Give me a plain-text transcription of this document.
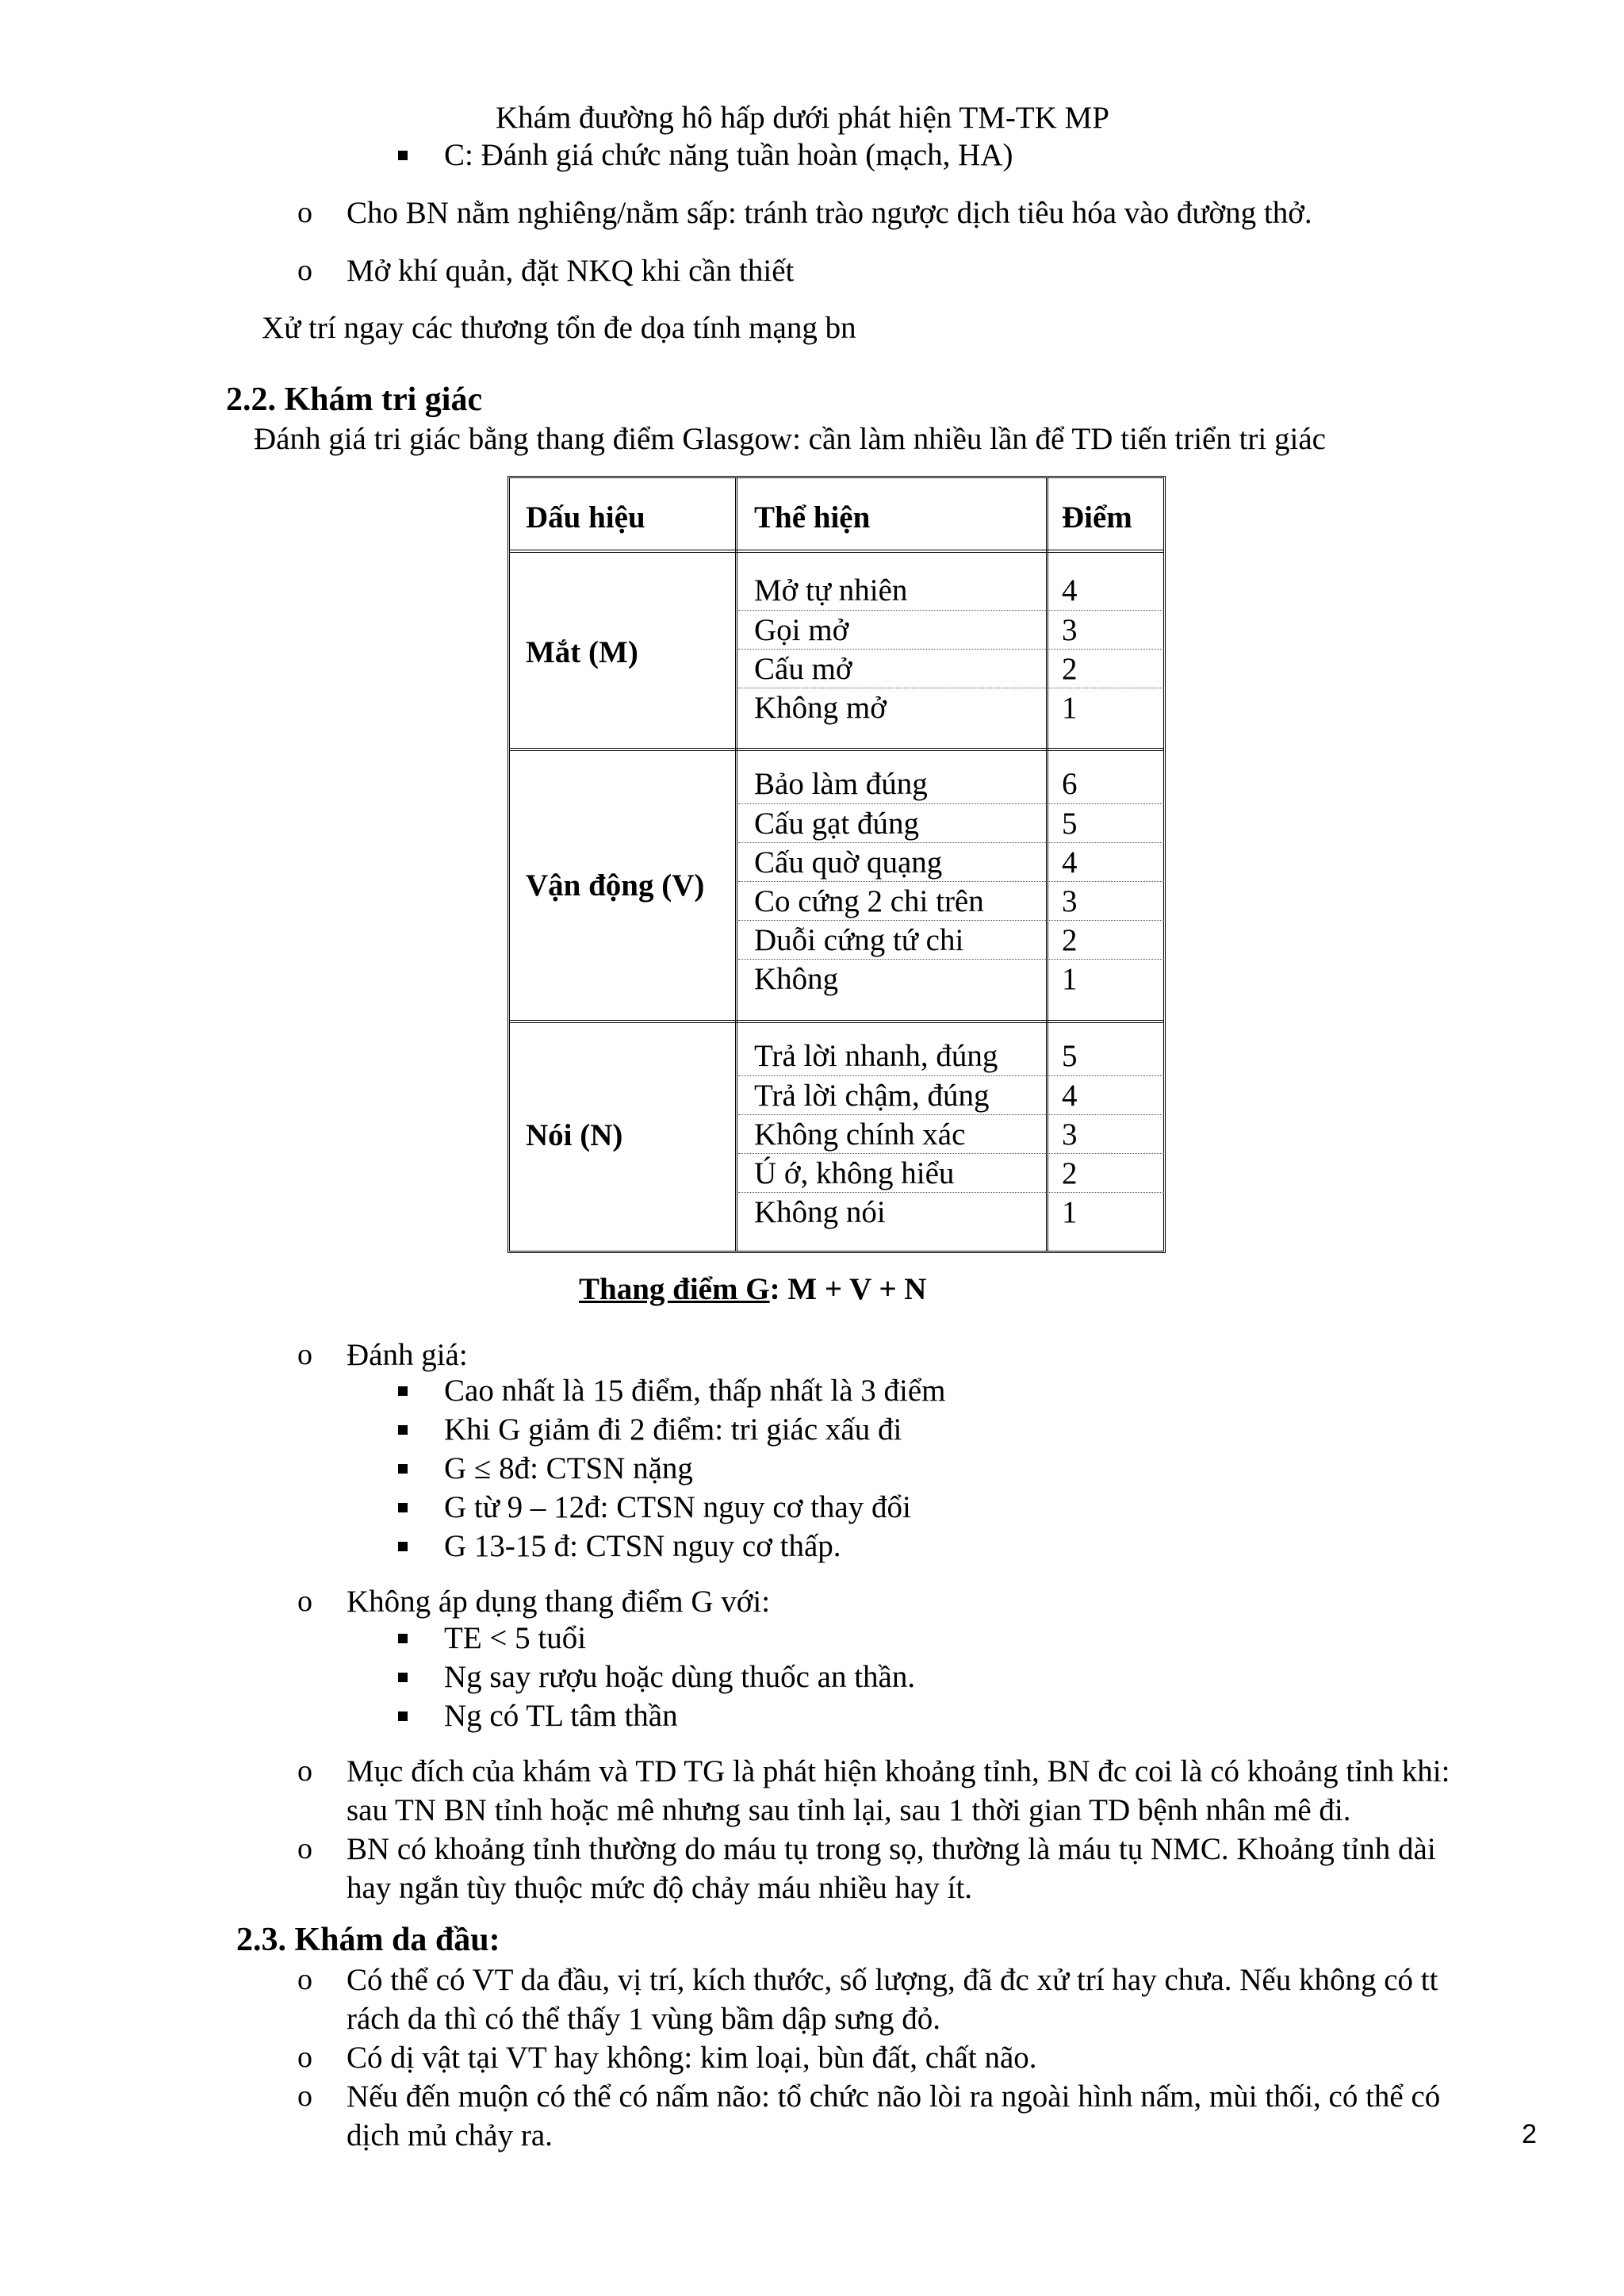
Khám đuường hô hấp dưới phát hiện TM-TK MP
C: Đánh giá chức năng tuần hoàn (mạch, HA)
o Cho BN nằm nghiêng/nằm sấp: tránh trào ngược dịch tiêu hóa vào đường thở.
o Mở khí quản, đặt NKQ khi cần thiết
Xử trí ngay các thương tổn đe dọa tính mạng bn
2.2. Khám tri giác
Đánh giá tri giác bằng thang điểm Glasgow: cần làm nhiều lần để TD tiến triển tri giác
Dấu hiệu	Thể hiện	Điểm
Mắt (M)
Mở tự nhiên	4
Gọi mở	3
Cấu mở	2
Không mở	1
Vận động (V)
Bảo làm đúng	6
Cấu gạt đúng	5
Cấu quờ quạng	4
Co cứng 2 chi trên	3
Duỗi cứng tứ chi	2
Không	1
Nói (N)
Trả lời nhanh, đúng 5
Trả lời chậm, đúng 4
Không chính xác	3
Ú ớ, không hiểu	2
Không nói	1
Thang điểm G: M + V + N
o Đánh giá:
Cao nhất là 15 điểm, thấp nhất là 3 điểm
Khi G giảm đi 2 điểm: tri giác xấu đi
G ≤ 8đ: CTSN nặng
G từ 9 – 12đ: CTSN nguy cơ thay đổi
G 13-15 đ: CTSN nguy cơ thấp.
o Không áp dụng thang điểm G với:
TE < 5 tuổi
Ng say rượu hoặc dùng thuốc an thần.
Ng có TL tâm thần
o Mục đích của khám và TD TG là phát hiện khoảng tỉnh, BN đc coi là có khoảng tỉnh khi:
sau TN BN tỉnh hoặc mê nhưng sau tỉnh lại, sau 1 thời gian TD bệnh nhân mê đi.
o BN có khoảng tỉnh thường do máu tụ trong sọ, thường là máu tụ NMC. Khoảng tỉnh dài
hay ngắn tùy thuộc mức độ chảy máu nhiều hay ít.
2.3. Khám da đầu:
o Có thể có VT da đầu, vị trí, kích thước, số lượng, đã đc xử trí hay chưa. Nếu không có tt
rách da thì có thể thấy 1 vùng bầm dập sưng đỏ.
o Có dị vật tại VT hay không: kim loại, bùn đất, chất não.
o Nếu đến muộn có thể có nấm não: tổ chức não lòi ra ngoài hình nấm, mùi thối, có thể có
dịch mủ chảy ra.	2
